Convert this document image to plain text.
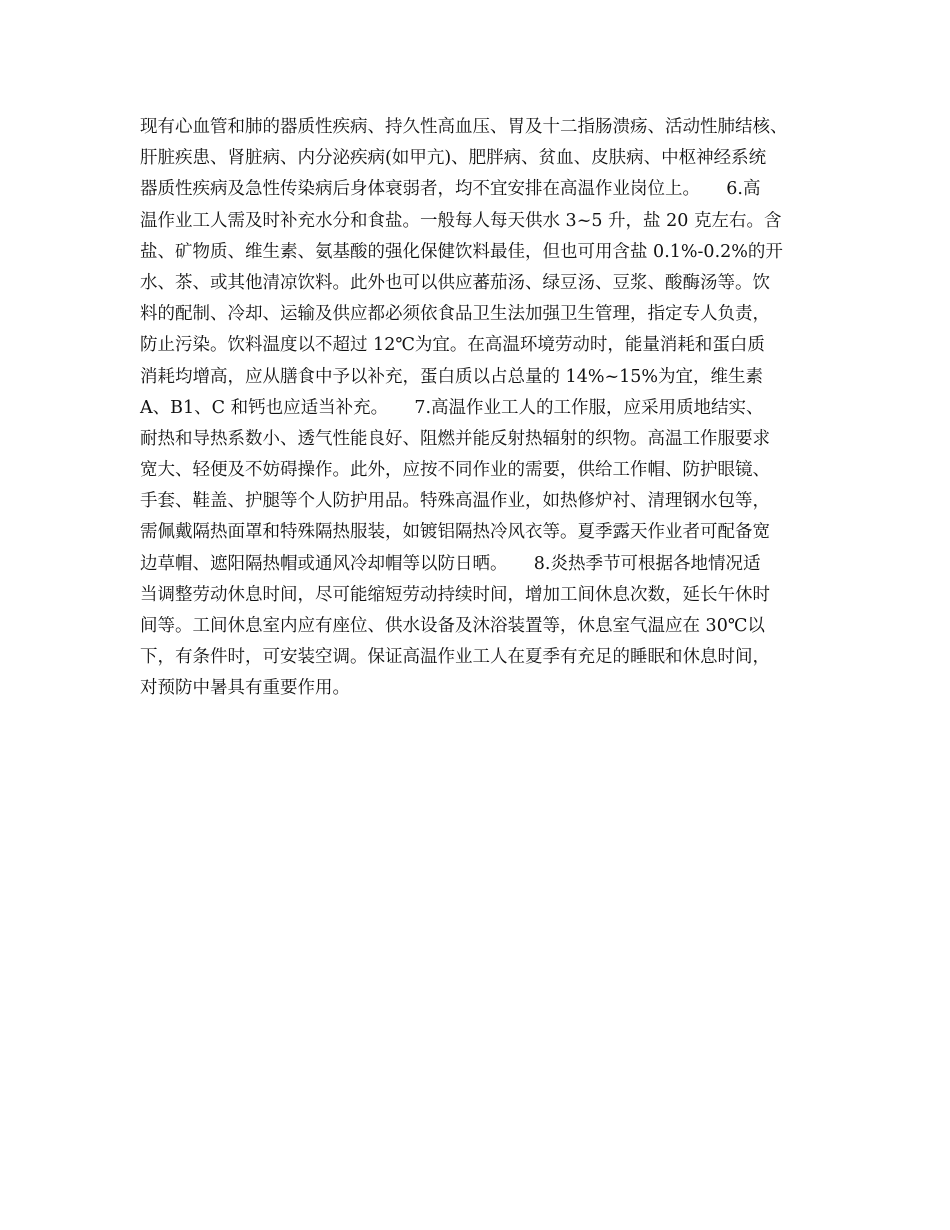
现有心血管和肺的器质性疾病、持久性高血压、胃及十二指肠溃疡、活动性肺结核、
肝脏疾患、肾脏病、内分泌疾病(如甲亢)、肥胖病、贫血、皮肤病、中枢神经系统
器质性疾病及急性传染病后身体衰弱者，均不宜安排在高温作业岗位上。　　6.高
温作业工人需及时补充水分和食盐。一般每人每天供水 3~5 升，盐 20 克左右。含
盐、矿物质、维生素、氨基酸的强化保健饮料最佳，但也可用含盐 0.1%-0.2%的开
水、茶、或其他清凉饮料。此外也可以供应蕃茄汤、绿豆汤、豆浆、酸酶汤等。饮
料的配制、冷却、运输及供应都必须依食品卫生法加强卫生管理，指定专人负责，
防止污染。饮料温度以不超过 12℃为宜。在高温环境劳动时，能量消耗和蛋白质
消耗均增高，应从膳食中予以补充，蛋白质以占总量的 14%~15%为宜，维生素
A、B1、C 和钙也应适当补充。　　7.高温作业工人的工作服，应采用质地结实、
耐热和导热系数小、透气性能良好、阻燃并能反射热辐射的织物。高温工作服要求
宽大、轻便及不妨碍操作。此外，应按不同作业的需要，供给工作帽、防护眼镜、
手套、鞋盖、护腿等个人防护用品。特殊高温作业，如热修炉衬、清理钢水包等，
需佩戴隔热面罩和特殊隔热服装，如镀铝隔热冷风衣等。夏季露天作业者可配备宽
边草帽、遮阳隔热帽或通风冷却帽等以防日晒。　　8.炎热季节可根据各地情况适
当调整劳动休息时间，尽可能缩短劳动持续时间，增加工间休息次数，延长午休时
间等。工间休息室内应有座位、供水设备及沐浴装置等，休息室气温应在 30℃以
下，有条件时，可安装空调。保证高温作业工人在夏季有充足的睡眠和休息时间，
对预防中暑具有重要作用。
